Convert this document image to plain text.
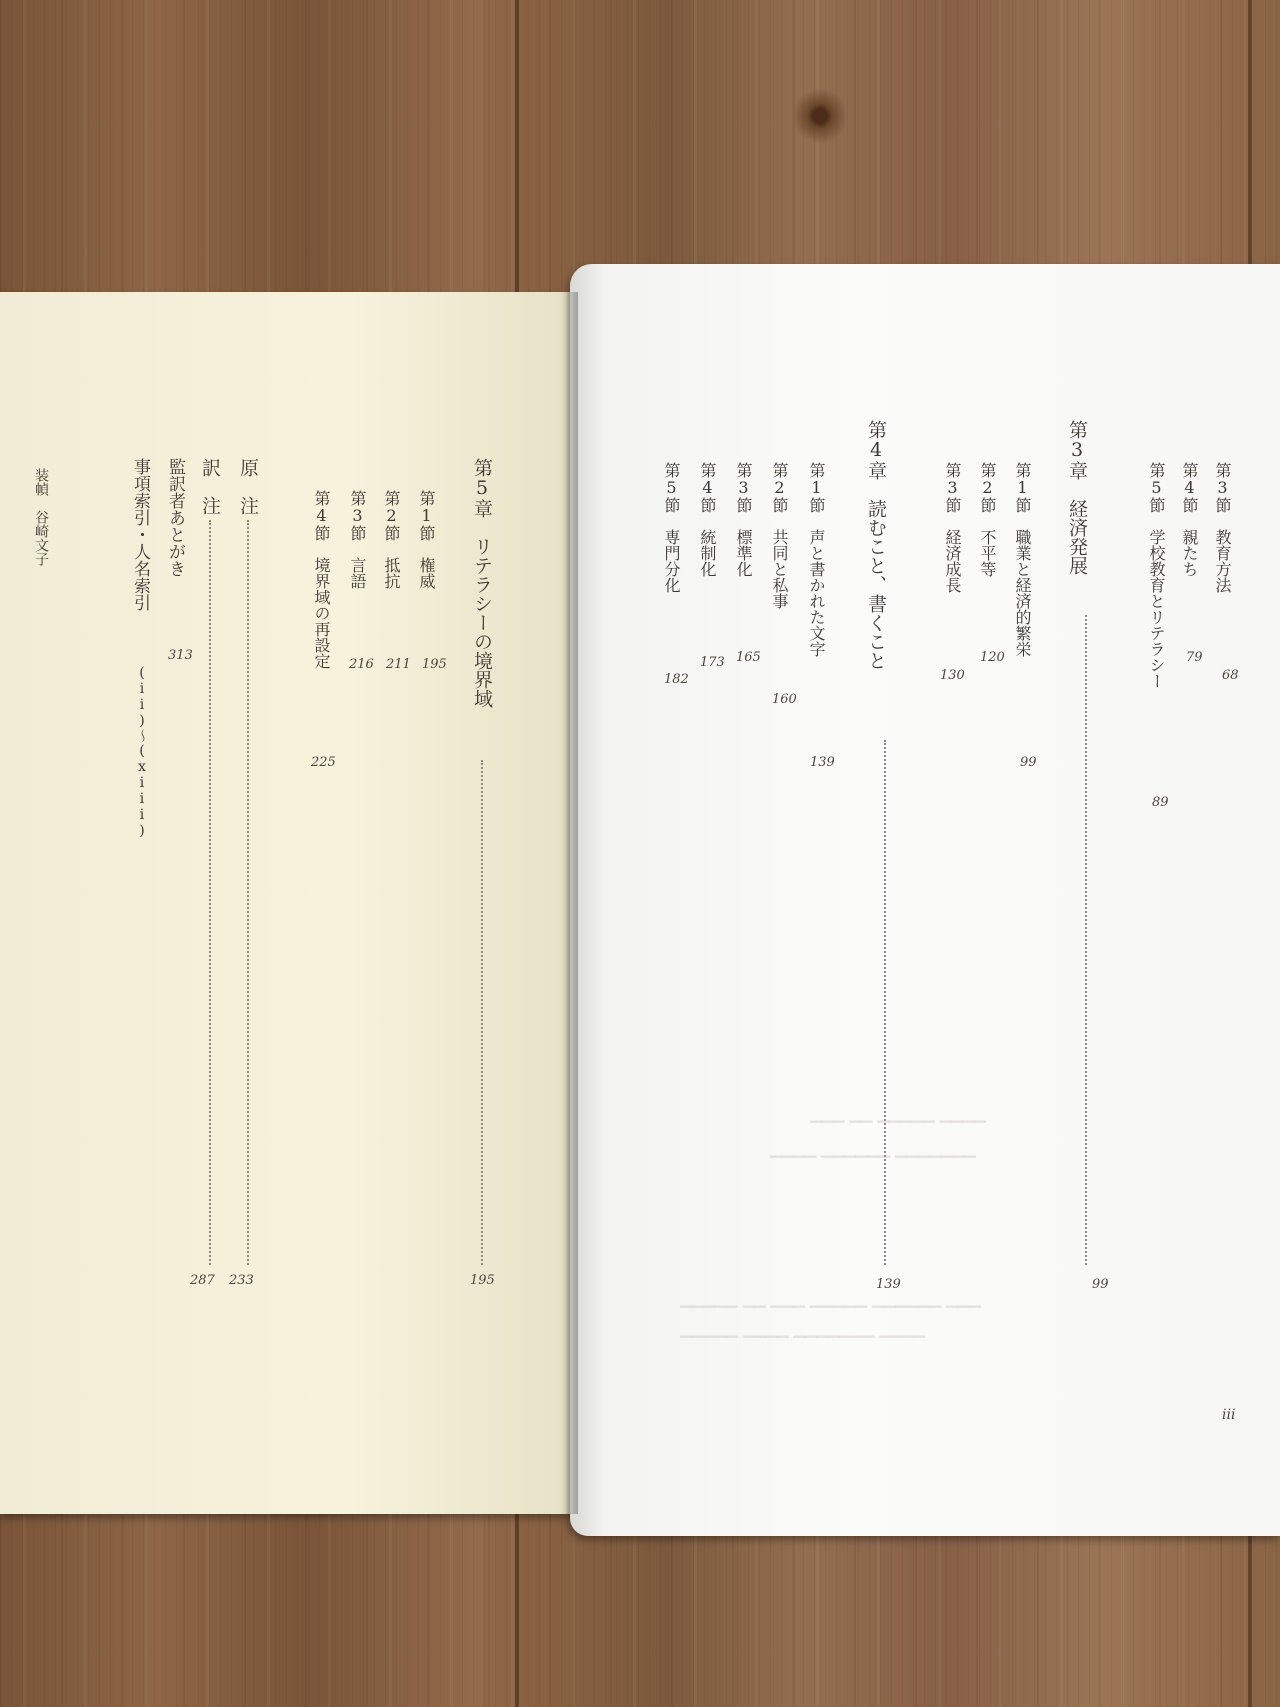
▁▁▁ ▁▁ ▁▁▁▁▁ ▁▁▁▁
▁▁▁▁ ▁▁▁▁▁▁ ▁▁▁▁▁▁▁
▁▁▁▁▁ ▁▁ ▁▁▁ ▁▁▁▁▁ ▁▁▁▁▁▁ ▁▁▁
▁▁▁▁▁ ▁▁▁▁ ▁▁▁▁▁▁▁ ▁▁▁▁
第3節　教育方法
68
第4節　親たち
79
第5節　学校教育とリテラシー
89
第3章　経済発展
99
第1節　職業と経済的繁栄
99
第2節　不平等
120
第3節　経済成長
130
第4章　読むこと、書くこと
139
第1節　声と書かれた文字
139
第2節　共同と私事
160
第3節　標準化
165
第4節　統制化
173
第5節　専門分化
182
iii
第5章　リテラシーの境界域
195
第1節　権威
195
第2節　抵抗
211
第3節　言語
216
第4節　境界域の再設定
225
原　注
233
訳　注
287
監訳者あとがき
313
事項索引・人名索引
(ii)〜(xiii)
装幀　谷崎文子
